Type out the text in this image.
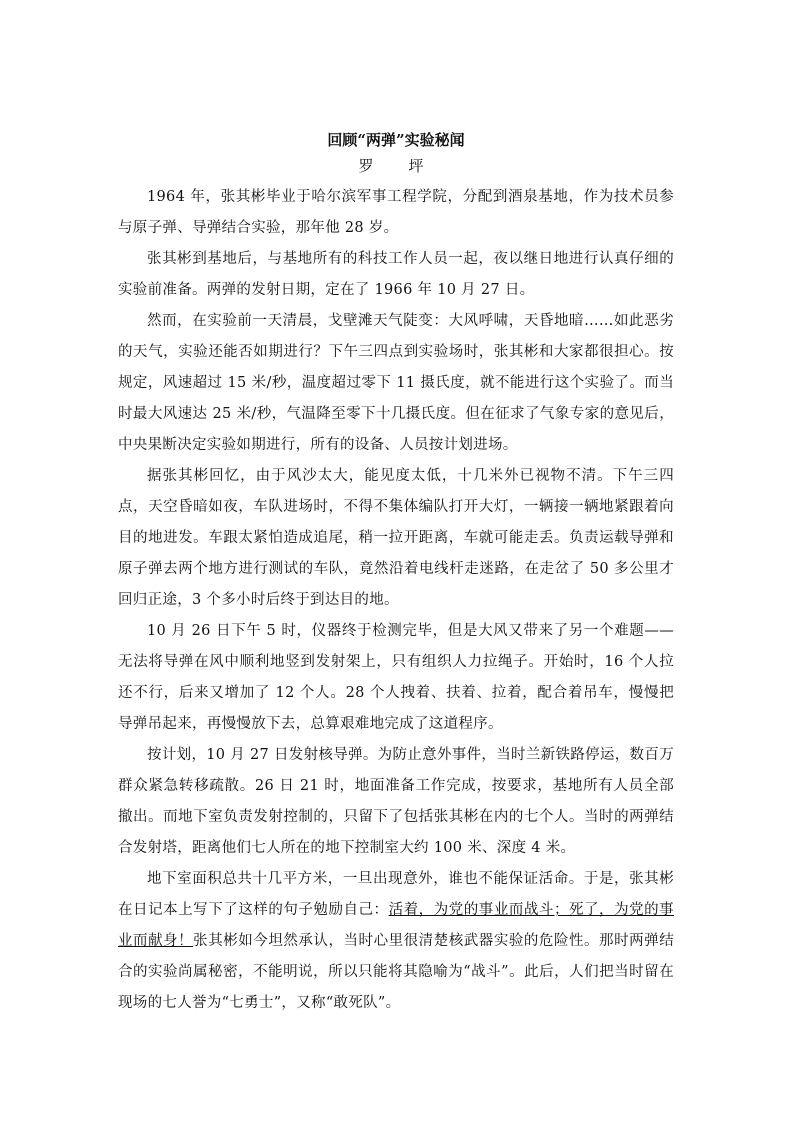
回顾“两弹”实验秘闻
罗　坪

1964 年，张其彬毕业于哈尔滨军事工程学院，分配到酒泉基地，作为技术员参与原子弹、导弹结合实验，那年他 28 岁。

张其彬到基地后，与基地所有的科技工作人员一起，夜以继日地进行认真仔细的实验前准备。两弹的发射日期，定在了 1966 年 10 月 27 日。

然而，在实验前一天清晨，戈壁滩天气陡变：大风呼啸，天昏地暗……如此恶劣的天气，实验还能否如期进行？下午三四点到实验场时，张其彬和大家都很担心。按规定，风速超过 15 米/秒，温度超过零下 11 摄氏度，就不能进行这个实验了。而当时最大风速达 25 米/秒，气温降至零下十几摄氏度。但在征求了气象专家的意见后，中央果断决定实验如期进行，所有的设备、人员按计划进场。

据张其彬回忆，由于风沙太大，能见度太低，十几米外已视物不清。下午三四点，天空昏暗如夜，车队进场时，不得不集体编队打开大灯，一辆接一辆地紧跟着向目的地进发。车跟太紧怕造成追尾，稍一拉开距离，车就可能走丢。负责运载导弹和原子弹去两个地方进行测试的车队，竟然沿着电线杆走迷路，在走岔了 50 多公里才回归正途，3 个多小时后终于到达目的地。

10 月 26 日下午 5 时，仪器终于检测完毕，但是大风又带来了另一个难题——无法将导弹在风中顺利地竖到发射架上，只有组织人力拉绳子。开始时，16 个人拉还不行，后来又增加了 12 个人。28 个人拽着、扶着、拉着，配合着吊车，慢慢把导弹吊起来，再慢慢放下去，总算艰难地完成了这道程序。

按计划，10 月 27 日发射核导弹。为防止意外事件，当时兰新铁路停运，数百万群众紧急转移疏散。26 日 21 时，地面准备工作完成，按要求，基地所有人员全部撤出。而地下室负责发射控制的，只留下了包括张其彬在内的七个人。当时的两弹结合发射塔，距离他们七人所在的地下控制室大约 100 米、深度 4 米。

地下室面积总共十几平方米，一旦出现意外，谁也不能保证活命。于是，张其彬在日记本上写下了这样的句子勉励自己：活着，为党的事业而战斗；死了，为党的事业而献身！张其彬如今坦然承认，当时心里很清楚核武器实验的危险性。那时两弹结合的实验尚属秘密，不能明说，所以只能将其隐喻为“战斗”。此后，人们把当时留在现场的七人誉为“七勇士”，又称“敢死队”。
